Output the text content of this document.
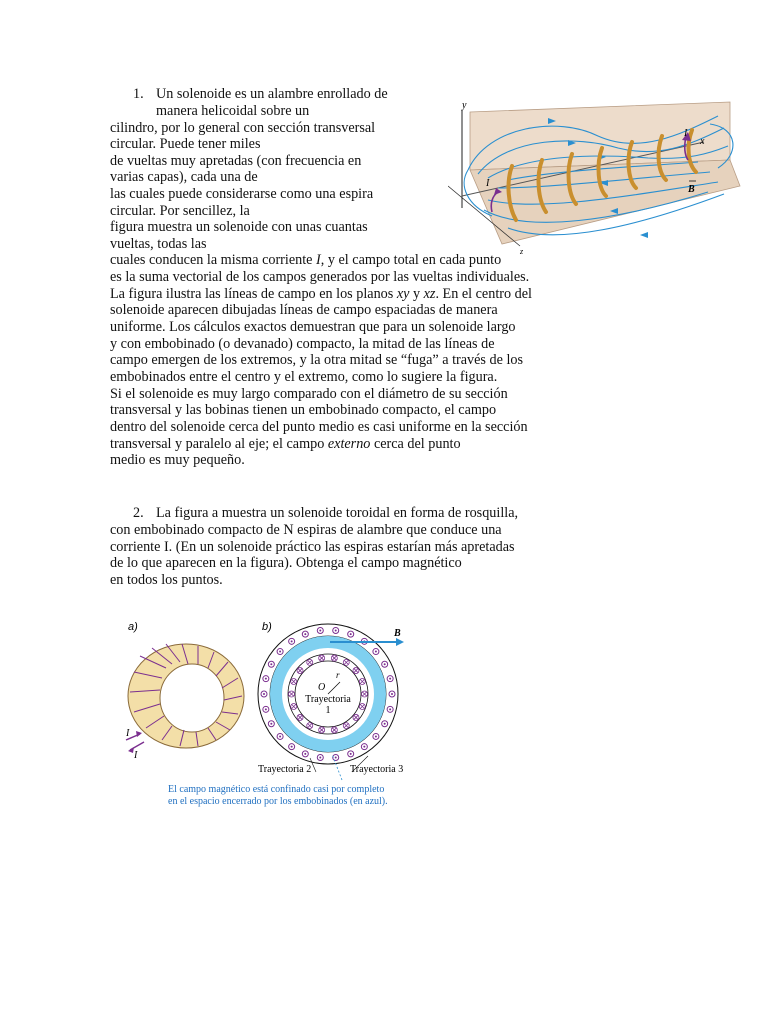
1. Un solenoide es un alambre enrollado de
manera helicoidal sobre un
cilindro, por lo general con sección transversal
circular. Puede tener miles
de vueltas muy apretadas (con frecuencia en
varias capas), cada una de
las cuales puede considerarse como una espira
circular. Por sencillez, la
figura muestra un solenoide con unas cuantas
vueltas, todas las
cuales conducen la misma corriente I, y el campo total en cada punto
es la suma vectorial de los campos generados por las vueltas individuales.
La figura ilustra las líneas de campo en los planos xy y xz. En el centro del
solenoide aparecen dibujadas líneas de campo espaciadas de manera
uniforme. Los cálculos exactos demuestran que para un solenoide largo
y con embobinado (o devanado) compacto, la mitad de las líneas de
campo emergen de los extremos, y la otra mitad se “fuga” a través de los
embobinados entre el centro y el extremo, como lo sugiere la figura.
Si el solenoide es muy largo comparado con el diámetro de su sección
transversal y las bobinas tienen un embobinado compacto, el campo
dentro del solenoide cerca del punto medio es casi uniforme en la sección
transversal y paralelo al eje; el campo externo cerca del punto
medio es muy pequeño.
2. La figura a muestra un solenoide toroidal en forma de rosquilla,
con embobinado compacto de N espiras de alambre que conduce una
corriente I. (En un solenoide práctico las espiras estarían más apretadas
de lo que aparecen en la figura). Obtenga el campo magnético
en todos los puntos.
y
z
x
I
I
B
a)	b)
I
I
B
O
r
Trayectoria
1
Trayectoria 2	Trayectoria 3
El campo magnético está confinado casi por completo
en el espacio encerrado por los embobinados (en azul).
